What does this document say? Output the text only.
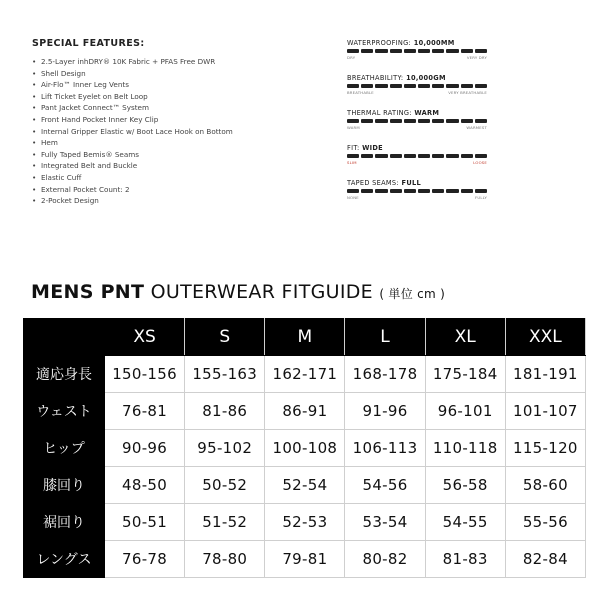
SPECIAL FEATURES:
• 2.5-Layer inhDRY® 10K Fabric + PFAS Free DWR
• Shell Design
• Air-Flo™ Inner Leg Vents
• Lift Ticket Eyelet on Belt Loop
• Pant Jacket Connect™ System
• Front Hand Pocket Inner Key Clip
• Internal Gripper Elastic w/ Boot Lace Hook on Bottom
• Hem
• Fully Taped Bemis® Seams
• Integrated Belt and Buckle
• Elastic Cuff
• External Pocket Count: 2
• 2-Pocket Design
WATERPROOFING: 10,000MM
DRY	VERY DRY
BREATHABILITY: 10,000GM
BREATHABLE	VERY BREATHABLE
THERMAL RATING: WARM
WARM	WARMEST
FIT: WIDE
SLIM	LOOSE
TAPED SEAMS: FULL
NONE	FULLY
MENS PNT OUTERWEAR FITGUIDE ( 単位 cm )
	XS	S	M	L	XL	XXL
適応身長	150-156	155-163	162-171	168-178	175-184	181-191
ウェスト	76-81	81-86	86-91	91-96	96-101	101-107
ヒップ	90-96	95-102	100-108	106-113	110-118	115-120
膝回り	48-50	50-52	52-54	54-56	56-58	58-60
裾回り	50-51	51-52	52-53	53-54	54-55	55-56
レングス	76-78	78-80	79-81	80-82	81-83	82-84
